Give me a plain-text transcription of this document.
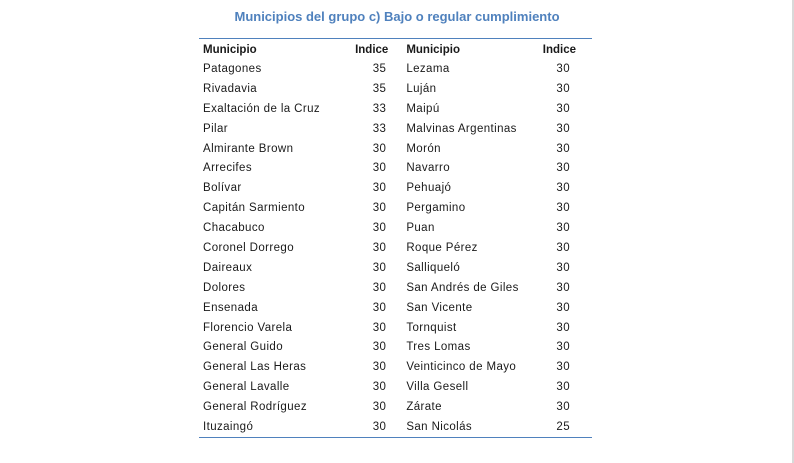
Municipios del grupo c) Bajo o regular cumplimiento
Municipio	Indice	Municipio	Indice
Patagones	35	Lezama	30
Rivadavia	35	Luján	30
Exaltación de la Cruz	33	Maipú	30
Pilar	33	Malvinas Argentinas	30
Almirante Brown	30	Morón	30
Arrecifes	30	Navarro	30
Bolívar	30	Pehuajó	30
Capitán Sarmiento	30	Pergamino	30
Chacabuco	30	Puan	30
Coronel Dorrego	30	Roque Pérez	30
Daireaux	30	Salliqueló	30
Dolores	30	San Andrés de Giles	30
Ensenada	30	San Vicente	30
Florencio Varela	30	Tornquist	30
General Guido	30	Tres Lomas	30
General Las Heras	30	Veinticinco de Mayo	30
General Lavalle	30	Villa Gesell	30
General Rodríguez	30	Zárate	30
Ituzaingó	30	San Nicolás	25
